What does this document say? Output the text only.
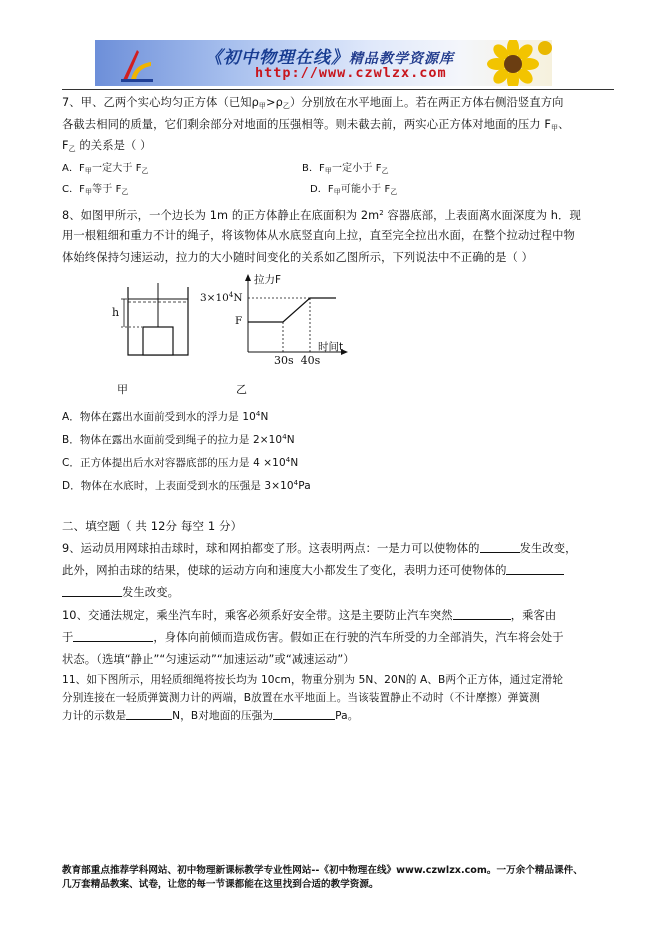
《初中物理在线》精品教学资源库
http://www.czwlzx.com
7、甲、乙两个实心均匀正方体（已知$\rho_甲>\rho_乙$）分别放在水平地面上。若在两正方体右侧沿竖直方向
各截去相同的质量，它们剩余部分对地面的压强相等。则未截去前，两实心正方体对地面的压力 $F_甲$、
$F_乙$ 的关系是（ ）
A．$F_甲$一定大于 $F_乙$	B．$F_甲$一定小于 $F_乙$
C．$F_甲$等于 $F_乙$	D．$F_甲$可能小于 $F_乙$
8、如图甲所示，一个边长为 1m 的正方体静止在底面积为 $2m^2$ 容器底部，上表面离水面深度为 h．现
用一根粗细和重力不计的绳子，将该物体从水底竖直向上拉，直至完全拉出水面，在整个拉动过程中物
体始终保持匀速运动，拉力的大小随时间变化的关系如乙图所示，下列说法中不正确的是（ ）
h
甲
拉力F
$3\times 10^4N$
F
时间t
30s  40s
乙
A．物体在露出水面前受到水的浮力是 $10^4N$
B．物体在露出水面前受到绳子的拉力是 $2\times 10^4N$
C．正方体提出后水对容器底部的压力是 $4 \times 10^4N$
D．物体在水底时，上表面受到水的压强是 $3\times 10^4Pa$
二、填空题（ 共 12分 每空 1 分）
9、运动员用网球拍击球时，球和网拍都变了形。这表明两点：一是力可以使物体的	发生改变，
此外，网拍击球的结果，使球的运动方向和速度大小都发生了变化，表明力还可使物体的
发生改变。
10、交通法规定，乘坐汽车时，乘客必须系好安全带。这是主要防止汽车突然	，乘客由
于	，身体向前倾而造成伤害。假如正在行驶的汽车所受的力全部消失，汽车将会处于
状态。（选填“静止”“匀速运动”“加速运动”或“减速运动”）
11、如下图所示，用轻质细绳将按长均为 10cm，物重分别为 5N、20N的 A、B两个正方体，通过定滑轮
分别连接在一轻质弹簧测力计的两端，B放置在水平地面上。当该装置静止不动时（不计摩擦）弹簧测
力计的示数是	N，B对地面的压强为	Pa。
教育部重点推荐学科网站、初中物理新课标教学专业性网站--《初中物理在线》www.czwlzx.com。一万余个精品课件、
几万套精品教案、试卷，让您的每一节课都能在这里找到合适的教学资源。
